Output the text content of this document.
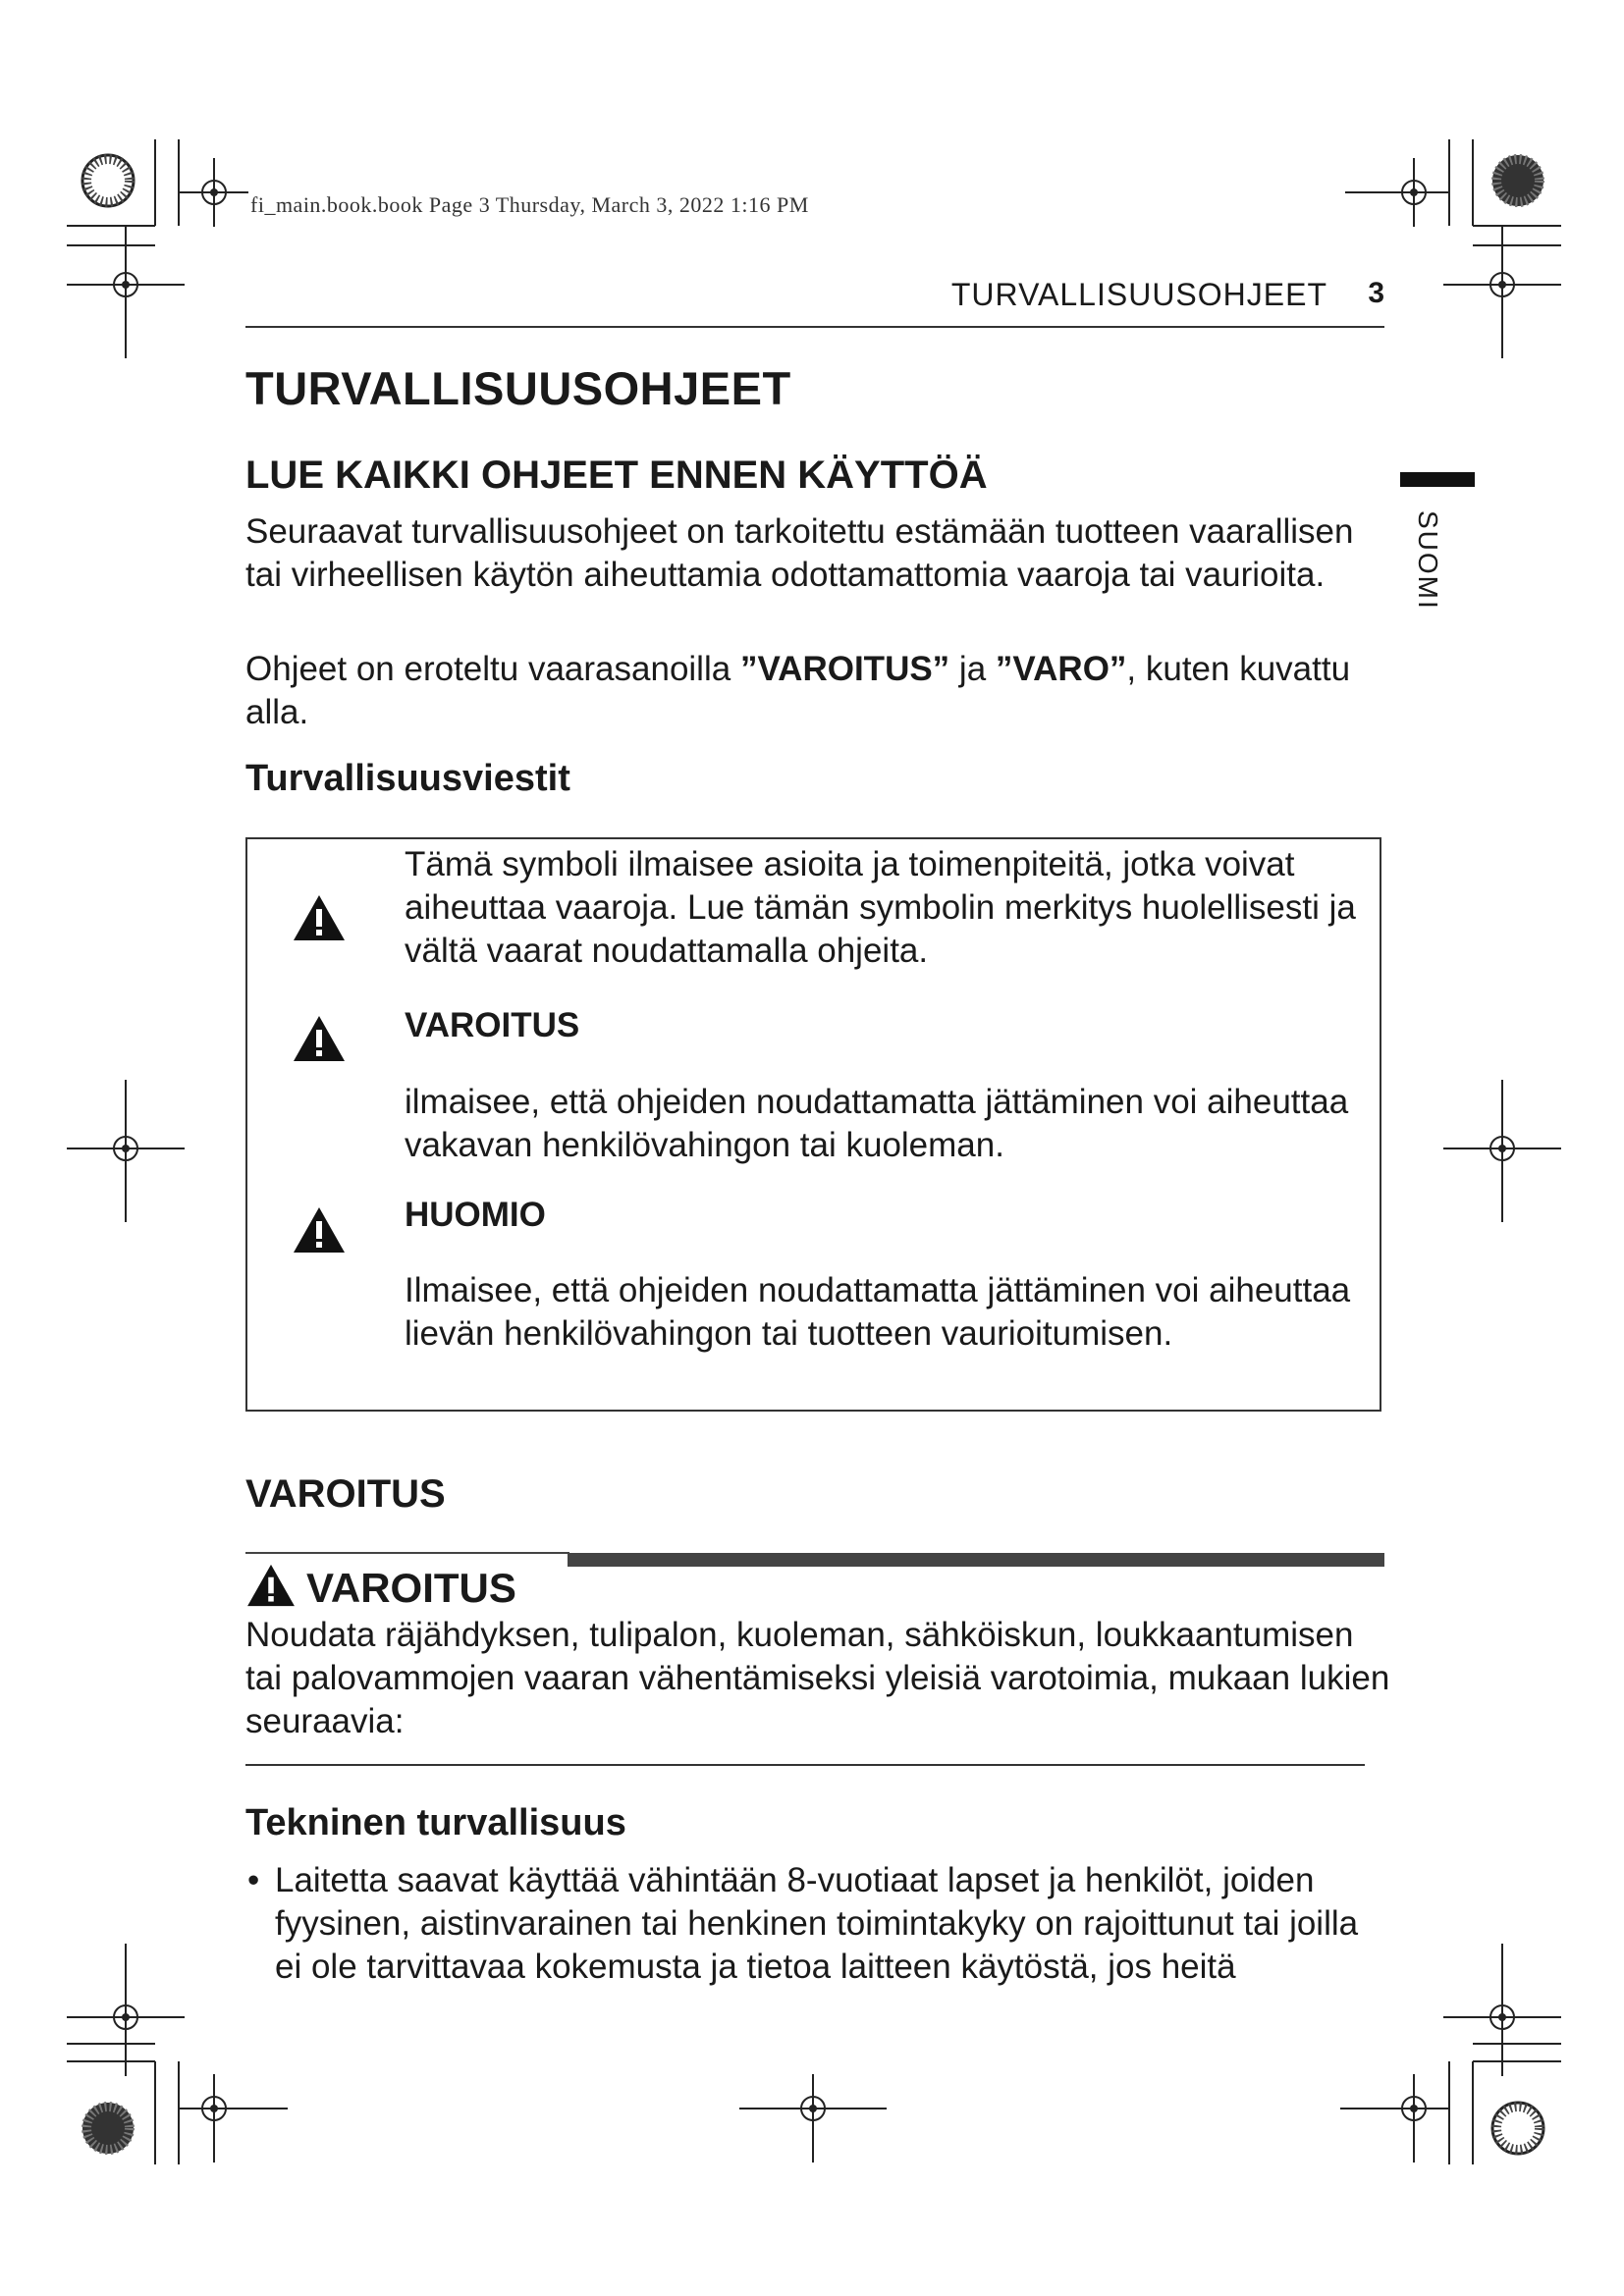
fi_main.book.book Page 3 Thursday, March 3, 2022 1:16 PM
TURVALLISUUSOHJEET 3
SUOMI
TURVALLISUUSOHJEET
LUE KAIKKI OHJEET ENNEN KÄYTTÖÄ
Seuraavat turvallisuusohjeet on tarkoitettu estämään tuotteen vaarallisen tai virheellisen käytön aiheuttamia odottamattomia vaaroja tai vaurioita.
Ohjeet on eroteltu vaarasanoilla ”VAROITUS” ja ”VARO”, kuten kuvattu alla.
Turvallisuusviestit
Tämä symboli ilmaisee asioita ja toimenpiteitä, jotka voivat aiheuttaa vaaroja. Lue tämän symbolin merkitys huolellisesti ja vältä vaarat noudattamalla ohjeita.
VAROITUS
ilmaisee, että ohjeiden noudattamatta jättäminen voi aiheuttaa vakavan henkilövahingon tai kuoleman.
HUOMIO
Ilmaisee, että ohjeiden noudattamatta jättäminen voi aiheuttaa lievän henkilövahingon tai tuotteen vaurioitumisen.
VAROITUS
VAROITUS
Noudata räjähdyksen, tulipalon, kuoleman, sähköiskun, loukkaantumisen tai palovammojen vaaran vähentämiseksi yleisiä varotoimia, mukaan lukien seuraavia:
Tekninen turvallisuus
• Laitetta saavat käyttää vähintään 8-vuotiaat lapset ja henkilöt, joiden fyysinen, aistinvarainen tai henkinen toimintakyky on rajoittunut tai joilla ei ole tarvittavaa kokemusta ja tietoa laitteen käytöstä, jos heitä
